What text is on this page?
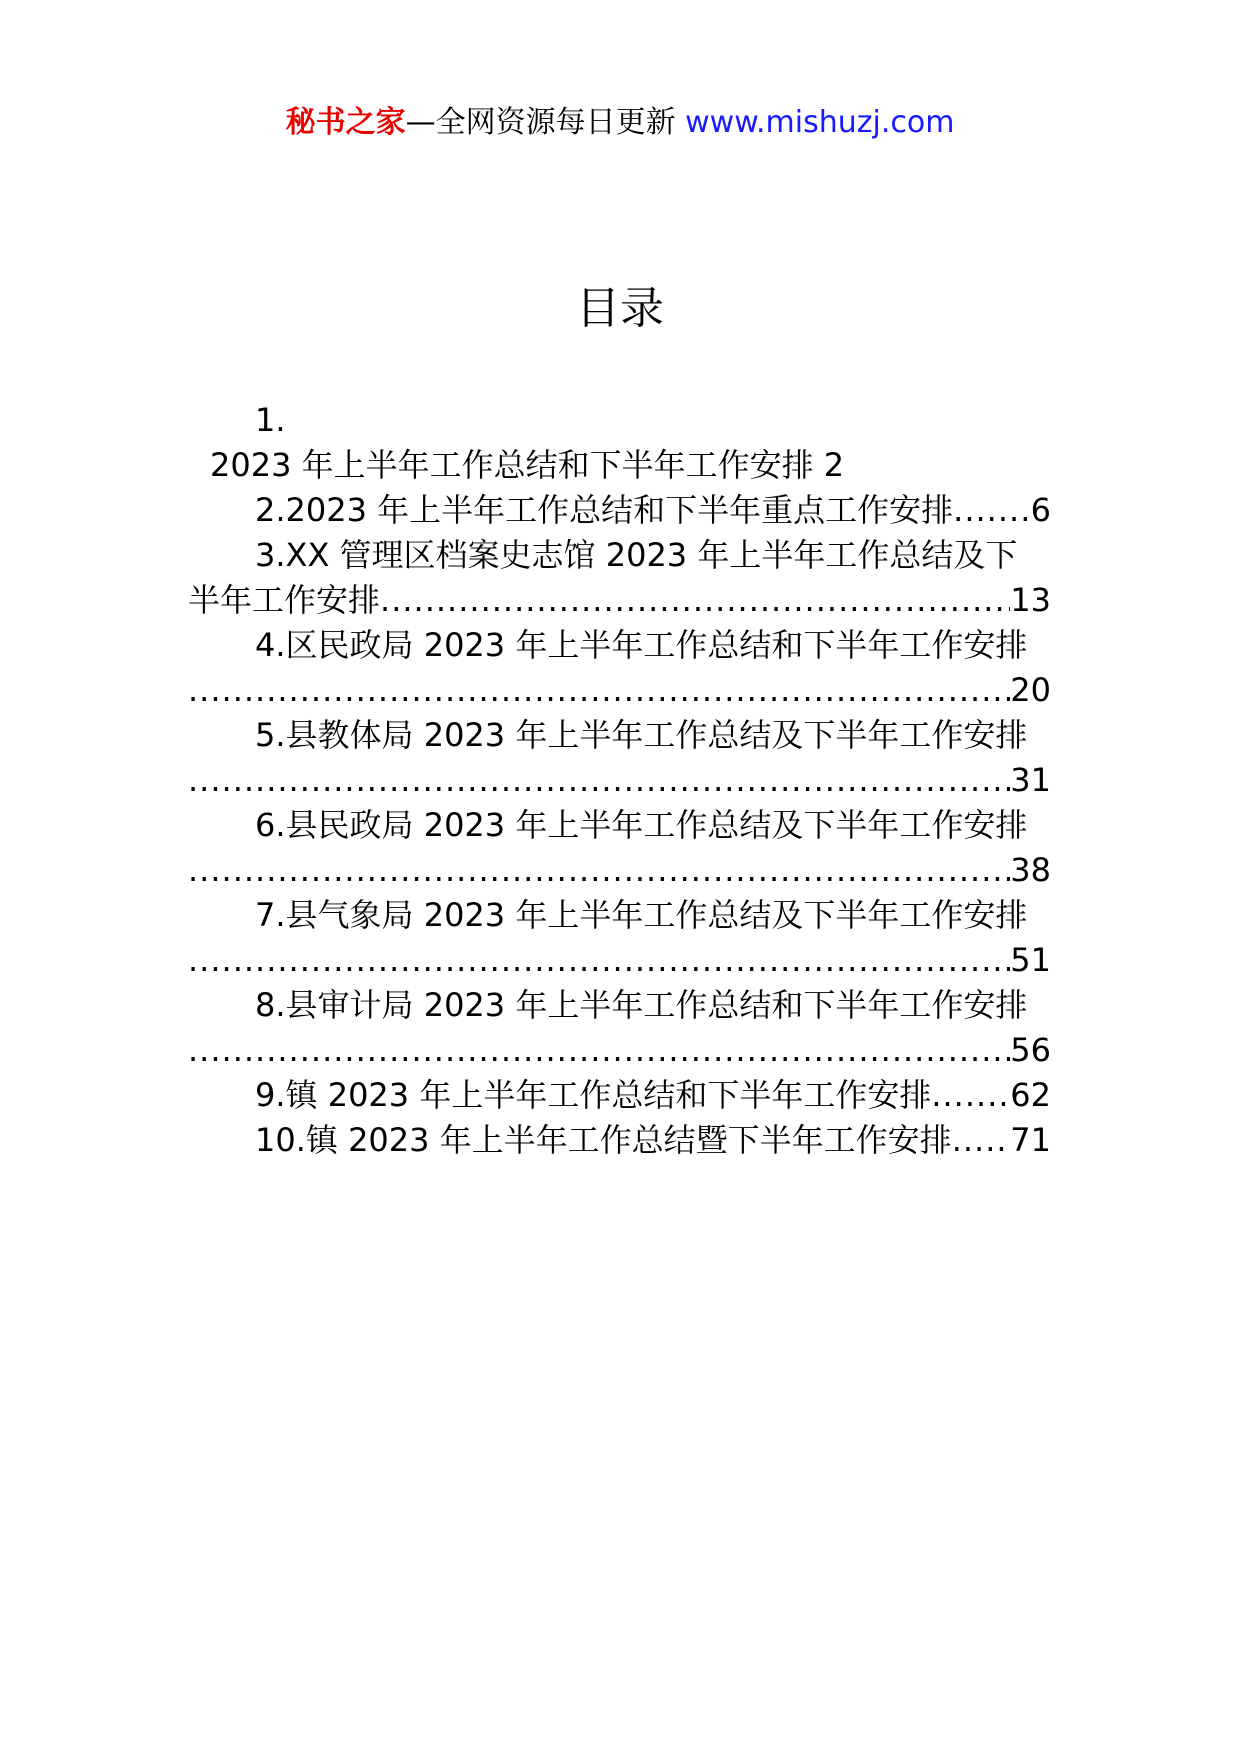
秘书之家—全网资源每日更新 www.mishuzj.com
目录
1.
2023 年上半年工作总结和下半年工作安排 2
2.2023 年上半年工作总结和下半年重点工作安排 ..... 6
3.XX 管理区档案史志馆 2023 年上半年工作总结及下
半年工作安排 .....	13
4.区民政局 2023 年上半年工作总结和下半年工作安排
.....
20
5.县教体局 2023 年上半年工作总结及下半年工作安排
.....
31
6.县民政局 2023 年上半年工作总结及下半年工作安排
.....
38
7.县气象局 2023 年上半年工作总结及下半年工作安排
.....
51
8.县审计局 2023 年上半年工作总结和下半年工作安排
.....
56
9.镇 2023 年上半年工作总结和下半年工作安排 ..... 62
10.镇 2023 年上半年工作总结暨下半年工作安排 ..... 71
